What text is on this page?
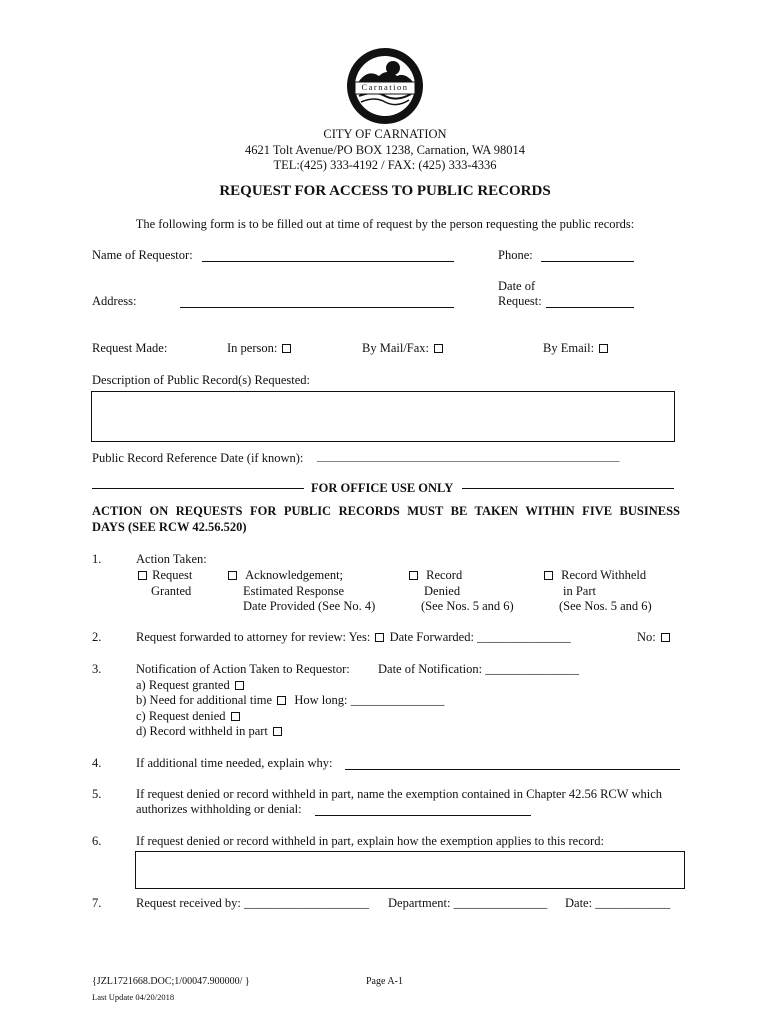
Carnation
CITY OF CARNATION
4621 Tolt Avenue/PO BOX 1238, Carnation, WA 98014
TEL:(425) 333-4192 / FAX: (425) 333-4336
REQUEST FOR ACCESS TO PUBLIC RECORDS
The following form is to be filled out at time of request by the person requesting the public records:
Name of Requestor:	Phone:
Date of
Address:	Request:
Request Made:	In person:	By Mail/Fax:	By Email:
Description of Public Record(s) Requested:
Public Record Reference Date (if known): _______________________________________________________
FOR OFFICE USE ONLY
ACTION ON REQUESTS FOR PUBLIC RECORDS MUST BE TAKEN WITHIN FIVE BUSINESS
DAYS (SEE RCW 42.56.520)
1.	Action Taken:
Request
Granted
Acknowledgement;
Estimated Response
Date Provided (See No. 4)
Record
Denied
(See Nos. 5 and 6)
Record Withheld
in Part
(See Nos. 5 and 6)
2.	Request forwarded to attorney for review: Yes: Date Forwarded: _______________	No:
3.	Notification of Action Taken to Requestor: Date of Notification: _______________
a) Request granted
b) Need for additional time How long: _______________
c) Request denied
d) Record withheld in part
4.	If additional time needed, explain why:
5.	If request denied or record withheld in part, name the exemption contained in Chapter 42.56 RCW which
authorizes withholding or denial:
6.	If request denied or record withheld in part, explain how the exemption applies to this record:
7.	Request received by: ____________________ Department: _______________ Date: ____________
{JZL1721668.DOC;1/00047.900000/ }	Page A-1
Last Update 04/20/2018
